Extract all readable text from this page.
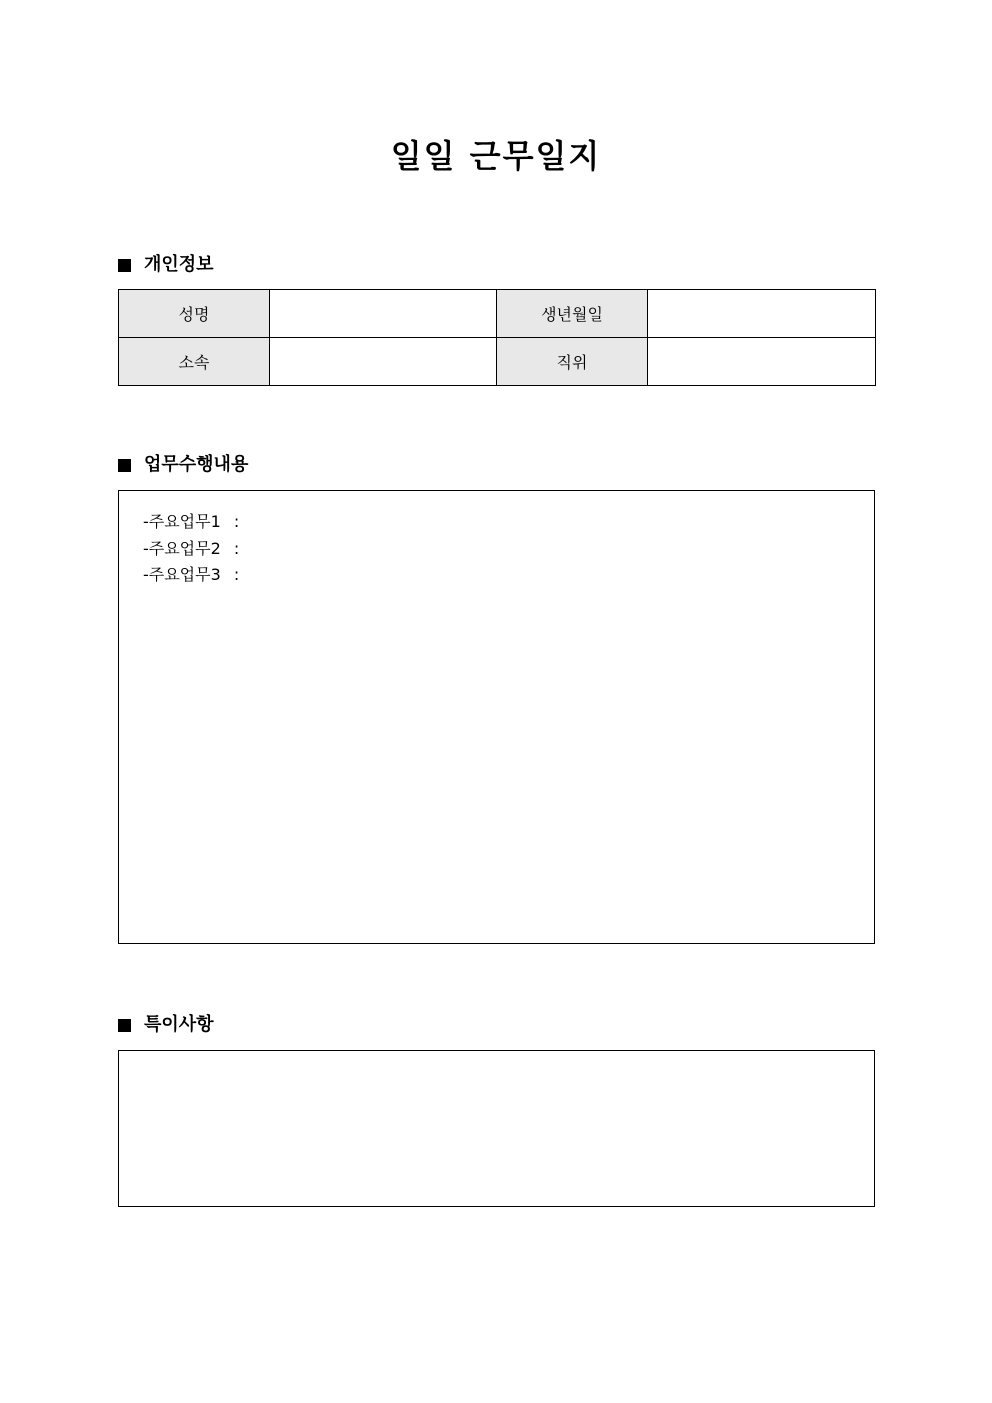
일일 근무일지
개인정보
성명		생년월일	
소속		직위	
업무수행내용
-주요업무1 :
-주요업무2 :
-주요업무3 :
특이사항
